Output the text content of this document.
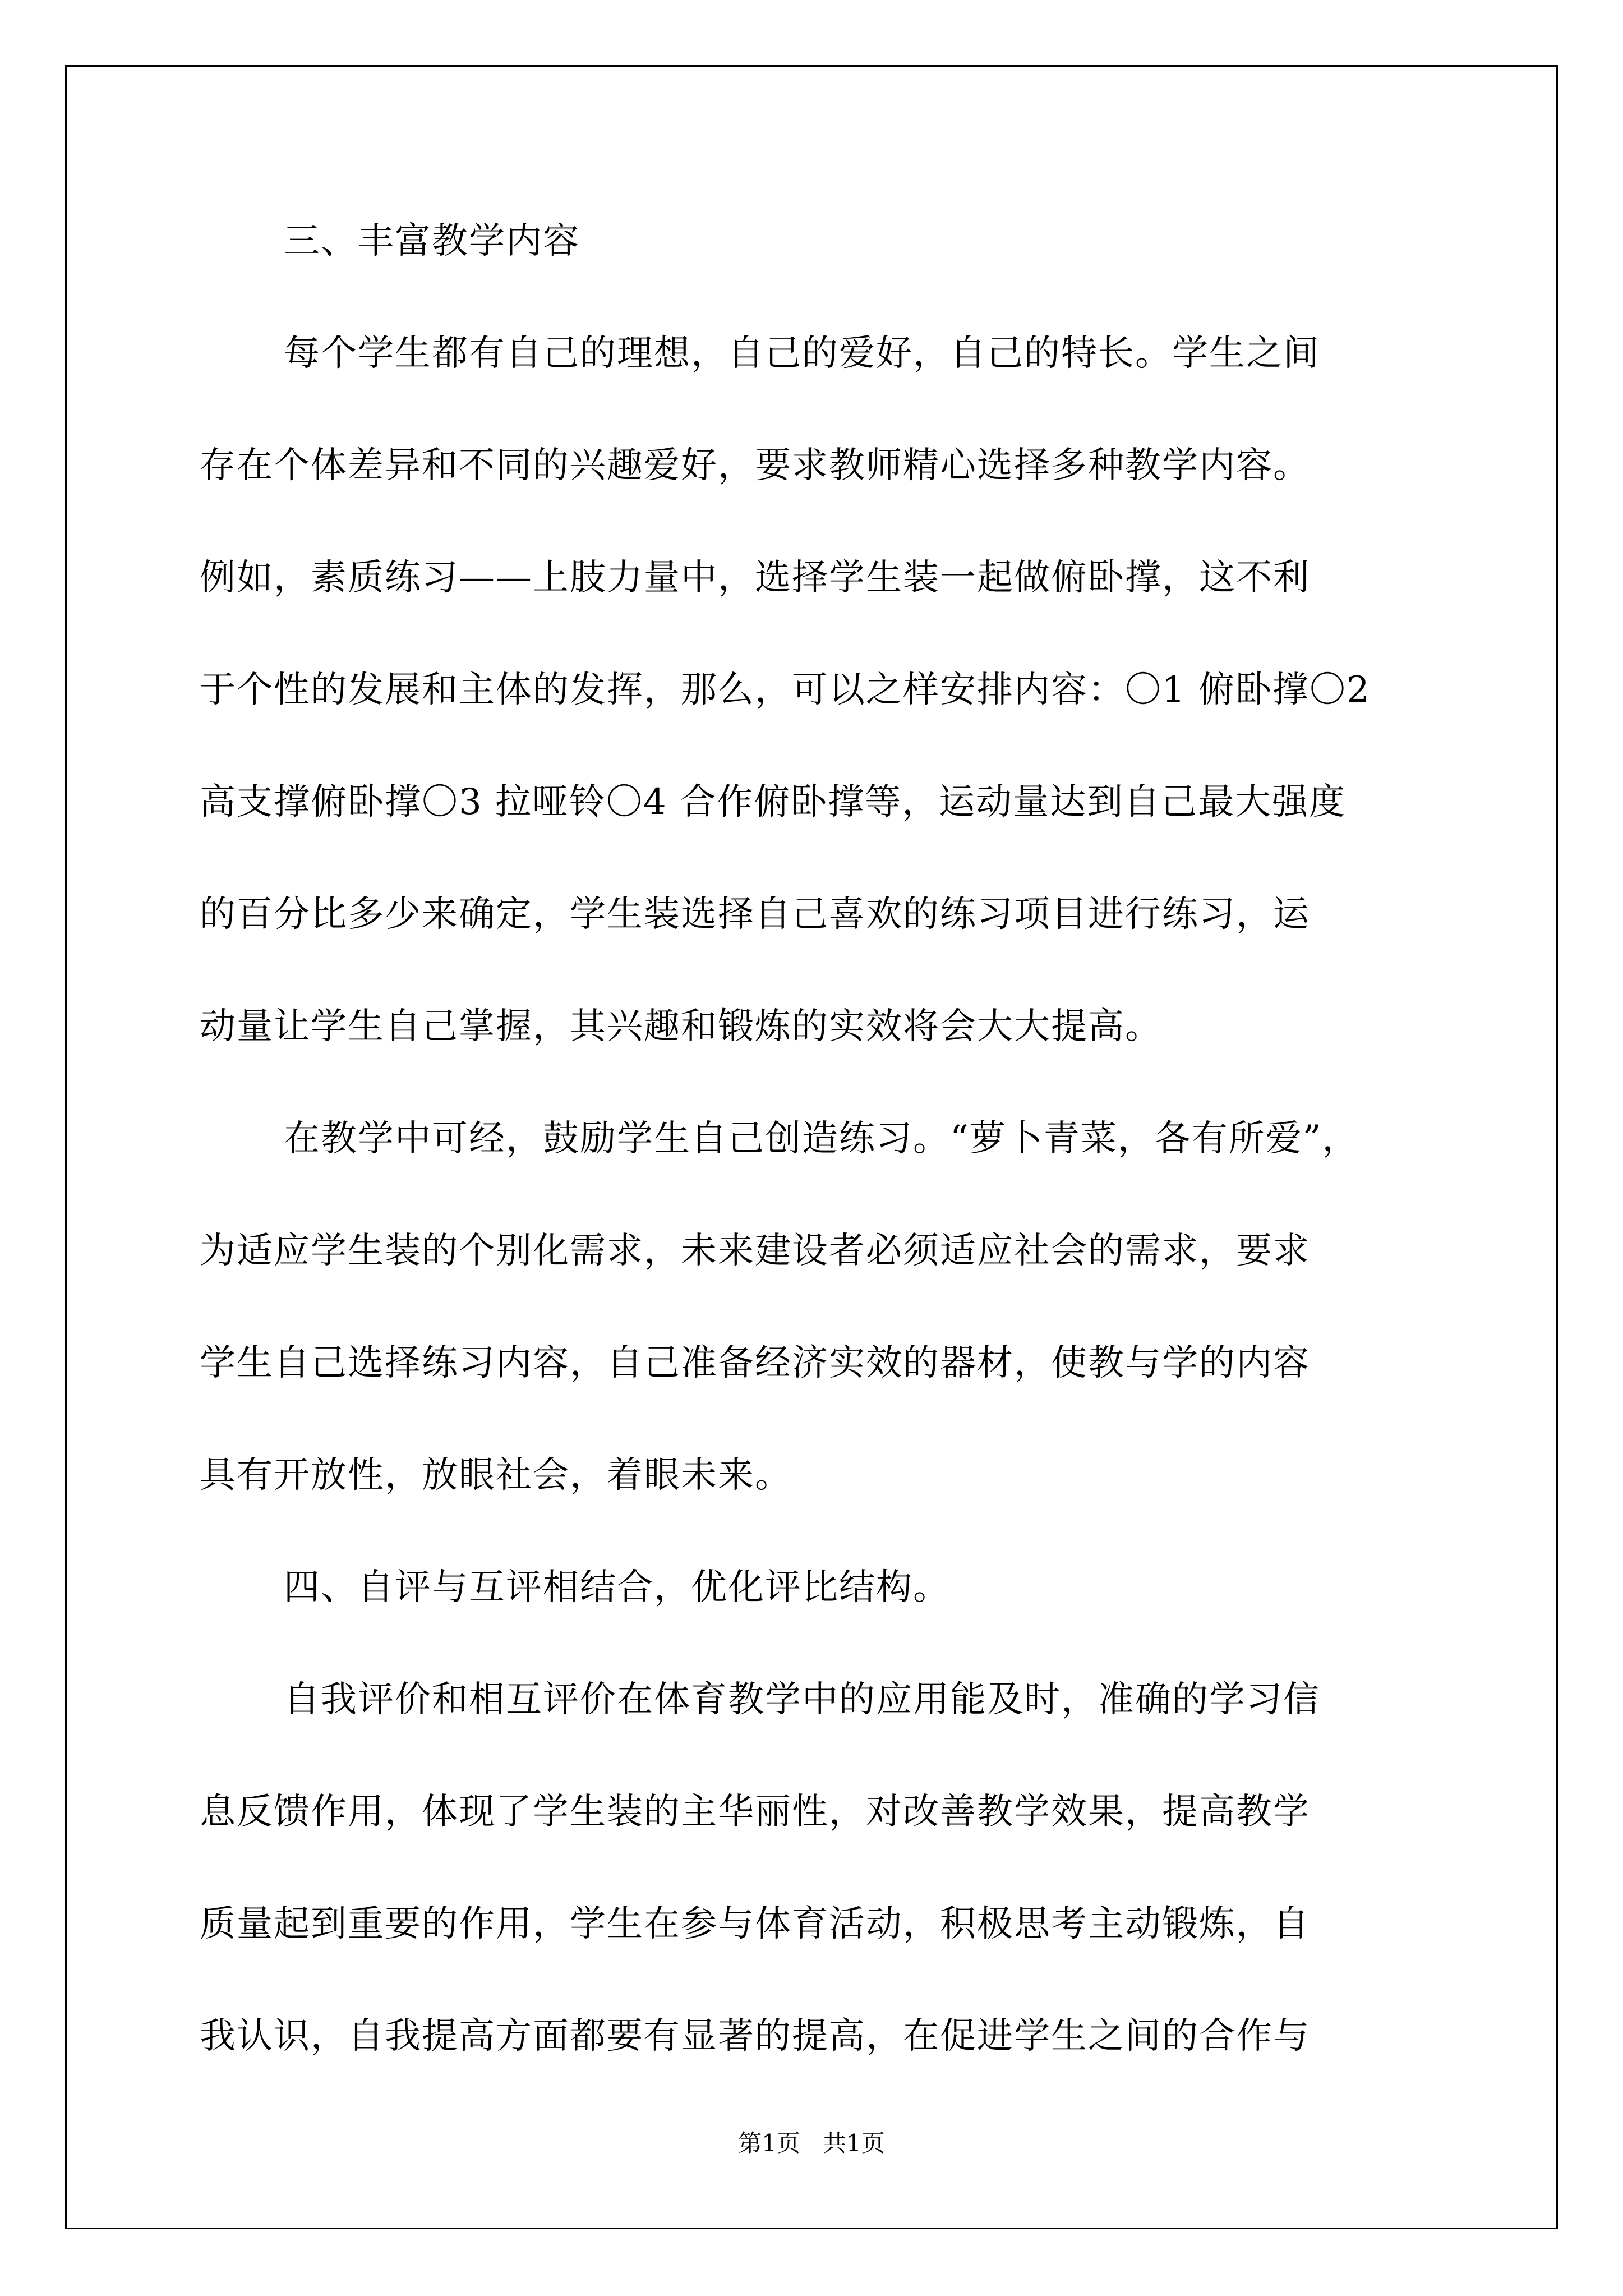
三、丰富教学内容
每个学生都有自己的理想，自己的爱好，自己的特长。学生之间
存在个体差异和不同的兴趣爱好，要求教师精心选择多种教学内容。
例如，素质练习——上肢力量中，选择学生装一起做俯卧撑，这不利
于个性的发展和主体的发挥，那么，可以之样安排内容：〇1 俯卧撑〇2
高支撑俯卧撑〇3 拉哑铃〇4 合作俯卧撑等，运动量达到自己最大强度
的百分比多少来确定，学生装选择自己喜欢的练习项目进行练习，运
动量让学生自己掌握，其兴趣和锻炼的实效将会大大提高。
在教学中可经，鼓励学生自己创造练习。“萝卜青菜，各有所爱”，
为适应学生装的个别化需求，未来建设者必须适应社会的需求，要求
学生自己选择练习内容，自己准备经济实效的器材，使教与学的内容
具有开放性，放眼社会，着眼未来。
四、自评与互评相结合，优化评比结构。
自我评价和相互评价在体育教学中的应用能及时，准确的学习信
息反馈作用，体现了学生装的主华丽性，对改善教学效果，提高教学
质量起到重要的作用，学生在参与体育活动，积极思考主动锻炼，自
我认识，自我提高方面都要有显著的提高，在促进学生之间的合作与
第1页 共1页
